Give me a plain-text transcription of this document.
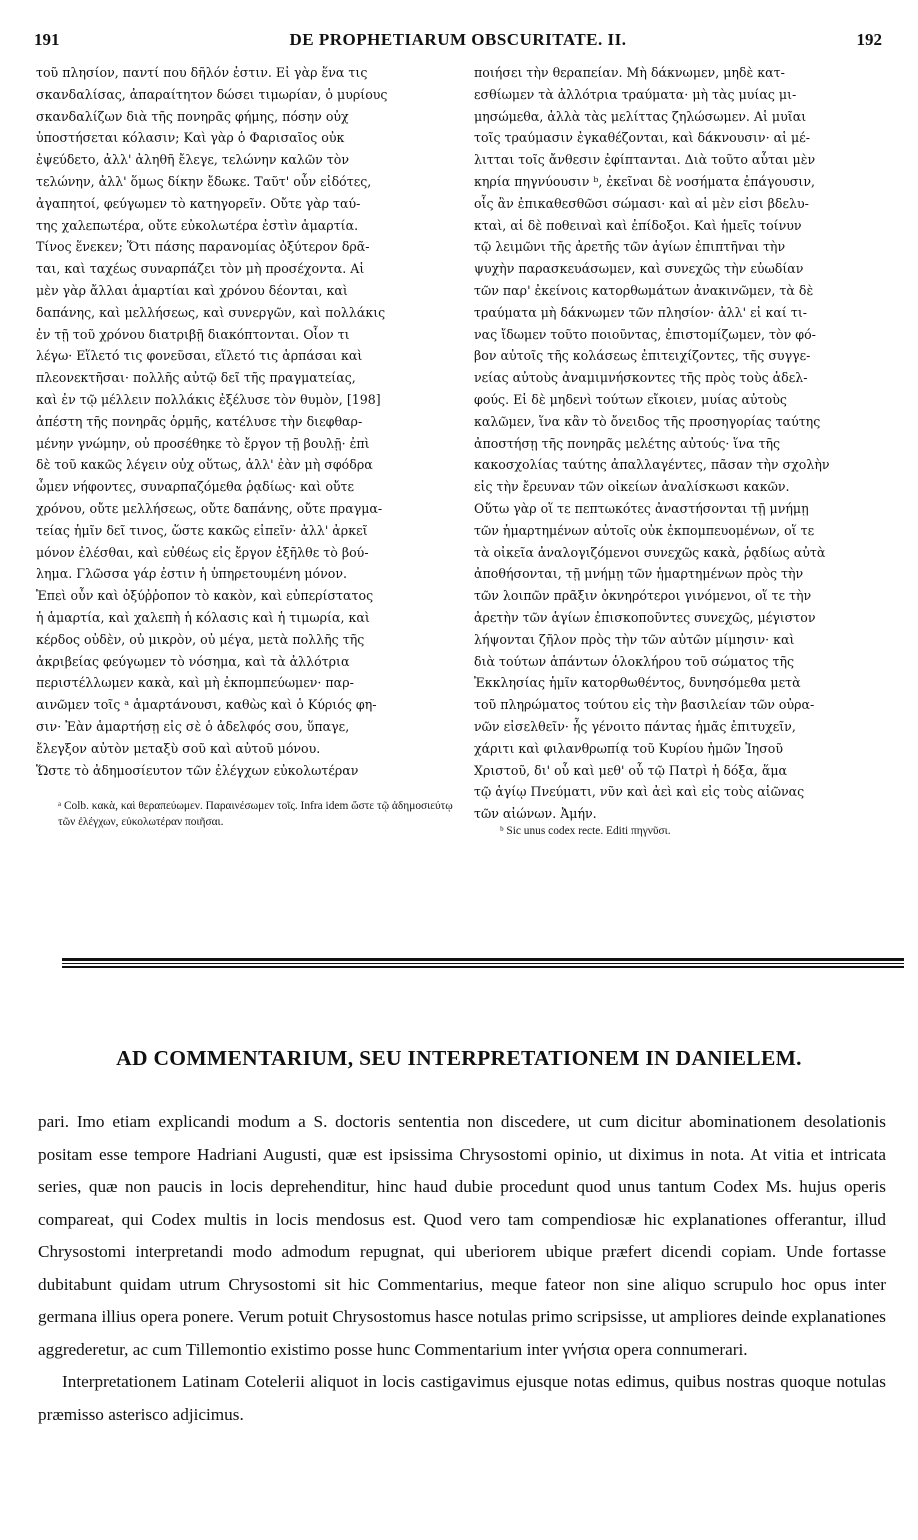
191	DE PROPHETIARUM OBSCURITATE. II.	192
τοῦ πλησίον, παντί που δῆλόν ἐστιν. Εἰ γὰρ ἕνα τις
σκανδαλίσας, ἀπαραίτητον δώσει τιμωρίαν, ὁ μυρίους
σκανδαλίζων διὰ τῆς πονηρᾶς φήμης, πόσην οὐχ
ὑποστήσεται κόλασιν; Καὶ γὰρ ὁ Φαρισαῖος οὐκ
ἐψεύδετο, ἀλλ' ἀληθῆ ἔλεγε, τελώνην καλῶν τὸν
τελώνην, ἀλλ' ὅμως δίκην ἔδωκε. Ταῦτ' οὖν εἰδότες,
ἀγαπητοί, φεύγωμεν τὸ κατηγορεῖν. Οὔτε γὰρ ταύ-
της χαλεπωτέρα, οὔτε εὐκολωτέρα ἐστὶν ἁμαρτία.
Τίνος ἕνεκεν; Ὅτι πάσης παρανομίας ὀξύτερον δρᾶ-
ται, καὶ ταχέως συναρπάζει τὸν μὴ προσέχοντα. Αἱ
μὲν γὰρ ἄλλαι ἁμαρτίαι καὶ χρόνου δέονται, καὶ
δαπάνης, καὶ μελλήσεως, καὶ συνεργῶν, καὶ πολλάκις
ἐν τῇ τοῦ χρόνου διατριβῇ διακόπτονται. Οἷον τι
λέγω· Εἵλετό τις φονεῦσαι, εἵλετό τις ἁρπάσαι καὶ
πλεονεκτῆσαι· πολλῆς αὐτῷ δεῖ τῆς πραγματείας,
καὶ ἐν τῷ μέλλειν πολλάκις ἐξέλυσε τὸν θυμὸν, [198]
ἀπέστη τῆς πονηρᾶς ὁρμῆς, κατέλυσε τὴν διεφθαρ-
μένην γνώμην, οὐ προσέθηκε τὸ ἔργον τῇ βουλῇ· ἐπὶ
δὲ τοῦ κακῶς λέγειν οὐχ οὕτως, ἀλλ' ἐὰν μὴ σφόδρα
ὦμεν νήφοντες, συναρπαζόμεθα ῥᾳδίως· καὶ οὔτε
χρόνου, οὔτε μελλήσεως, οὔτε δαπάνης, οὔτε πραγμα-
τείας ἡμῖν δεῖ τινος, ὥστε κακῶς εἰπεῖν· ἀλλ' ἀρκεῖ
μόνον ἐλέσθαι, καὶ εὐθέως εἰς ἔργον ἐξῆλθε τὸ βού-
λημα. Γλῶσσα γάρ ἐστιν ἡ ὑπηρετουμένη μόνον.
Ἐπεὶ οὖν καὶ ὀξύῤῥοπον τὸ κακὸν, καὶ εὐπερίστατος
ἡ ἁμαρτία, καὶ χαλεπὴ ἡ κόλασις καὶ ἡ τιμωρία, καὶ
κέρδος οὐδὲν, οὐ μικρὸν, οὐ μέγα, μετὰ πολλῆς τῆς
ἀκριβείας φεύγωμεν τὸ νόσημα, καὶ τὰ ἀλλότρια
περιστέλλωμεν κακὰ, καὶ μὴ ἐκπομπεύωμεν· παρ-
αινῶμεν τοῖς ᵃ ἁμαρτάνουσι, καθὼς καὶ ὁ Κύριός φη-
σιν· Ἐὰν ἁμαρτήσῃ εἰς σὲ ὁ ἀδελφός σου, ὕπαγε,
ἔλεγξον αὐτὸν μεταξὺ σοῦ καὶ αὐτοῦ μόνου.
Ὥστε τὸ ἀδημοσίευτον τῶν ἐλέγχων εὐκολωτέραν
ποιήσει τὴν θεραπείαν. Μὴ δάκνωμεν, μηδὲ κατ-
εσθίωμεν τὰ ἀλλότρια τραύματα· μὴ τὰς μυίας μι-
μησώμεθα, ἀλλὰ τὰς μελίττας ζηλώσωμεν. Αἱ μυῖαι
τοῖς τραύμασιν ἐγκαθέζονται, καὶ δάκνουσιν· αἱ μέ-
λιτται τοῖς ἄνθεσιν ἐφίπτανται. Διὰ τοῦτο αὗται μὲν
κηρία πηγνύουσιν ᵇ, ἐκεῖναι δὲ νοσήματα ἐπάγουσιν,
οἷς ἂν ἐπικαθεσθῶσι σώμασι· καὶ αἱ μὲν εἰσι βδελυ-
κταὶ, αἱ δὲ ποθειναὶ καὶ ἐπίδοξοι. Καὶ ἡμεῖς τοίνυν
τῷ λειμῶνι τῆς ἀρετῆς τῶν ἁγίων ἐπιπτῆναι τὴν
ψυχὴν παρασκευάσωμεν, καὶ συνεχῶς τὴν εὐωδίαν
τῶν παρ' ἐκείνοις κατορθωμάτων ἀνακινῶμεν, τὰ δὲ
τραύματα μὴ δάκνωμεν τῶν πλησίον· ἀλλ' εἰ καί τι-
νας ἴδωμεν τοῦτο ποιοῦντας, ἐπιστομίζωμεν, τὸν φό-
βον αὐτοῖς τῆς κολάσεως ἐπιτειχίζοντες, τῆς συγγε-
νείας αὐτοὺς ἀναμιμνήσκοντες τῆς πρὸς τοὺς ἀδελ-
φούς. Εἰ δὲ μηδενὶ τούτων εἴκοιεν, μυίας αὐτοὺς
καλῶμεν, ἵνα κἂν τὸ ὄνειδος τῆς προσηγορίας ταύτης
ἀποστήσῃ τῆς πονηρᾶς μελέτης αὐτούς· ἵνα τῆς
κακοσχολίας ταύτης ἀπαλλαγέντες, πᾶσαν τὴν σχολὴν
εἰς τὴν ἔρευναν τῶν οἰκείων ἀναλίσκωσι κακῶν.
Οὕτω γὰρ οἵ τε πεπτωκότες ἀναστήσονται τῇ μνήμῃ
τῶν ἡμαρτημένων αὐτοῖς οὐκ ἐκπομπευομένων, οἵ τε
τὰ οἰκεῖα ἀναλογιζόμενοι συνεχῶς κακὰ, ῥᾳδίως αὐτὰ
ἀποθήσονται, τῇ μνήμῃ τῶν ἡμαρτημένων πρὸς τὴν
τῶν λοιπῶν πρᾶξιν ὀκνηρότεροι γινόμενοι, οἵ τε τὴν
ἀρετὴν τῶν ἁγίων ἐπισκοποῦντες συνεχῶς, μέγιστον
λήψονται ζῆλον πρὸς τὴν τῶν αὐτῶν μίμησιν· καὶ
διὰ τούτων ἁπάντων ὁλοκλήρου τοῦ σώματος τῆς
Ἐκκλησίας ἡμῖν κατορθωθέντος, δυνησόμεθα μετὰ
τοῦ πληρώματος τούτου εἰς τὴν βασιλείαν τῶν οὐρα-
νῶν εἰσελθεῖν· ἧς γένοιτο πάντας ἡμᾶς ἐπιτυχεῖν,
χάριτι καὶ φιλανθρωπίᾳ τοῦ Κυρίου ἡμῶν Ἰησοῦ
Χριστοῦ, δι' οὗ καὶ μεθ' οὗ τῷ Πατρὶ ἡ δόξα, ἅμα
τῷ ἁγίῳ Πνεύματι, νῦν καὶ ἀεὶ καὶ εἰς τοὺς αἰῶνας
τῶν αἰώνων. Ἀμήν.
ᵃ Colb. κακὰ, καὶ θεραπεύωμεν. Παραινέσωμεν τοῖς. Infra idem ὥστε τῷ ἀδημοσιεύτῳ τῶν ἐλέγχων, εὐκολωτέραν ποιῆσαι.
ᵇ Sic unus codex recte. Editi πηγνῦσι.
AD COMMENTARIUM, SEU INTERPRETATIONEM IN DANIELEM.

pari. Imo etiam explicandi modum a S. doctoris sententia non discedere, ut cum dicitur abominationem desolationis positam esse tempore Hadriani Augusti, quæ est ipsissima Chrysostomi opinio, ut diximus in nota. At vitia et intricata series, quæ non paucis in locis deprehenditur, hinc haud dubie procedunt quod unus tantum Codex Ms. hujus operis compareat, qui Codex multis in locis mendosus est. Quod vero tam compendiosæ hic explanationes offerantur, illud Chrysostomi interpretandi modo admodum repugnat, qui uberiorem ubique præfert dicendi copiam. Unde fortasse dubitabunt quidam utrum Chrysostomi sit hic Commentarius, meque fateor non sine aliquo scrupulo hoc opus inter germana illius opera ponere. Verum potuit Chrysostomus hasce notulas primo scripsisse, ut ampliores deinde explanationes aggrederetur, ac cum Tillemontio existimo posse hunc Commentarium inter γνήσια opera connumerari.

Interpretationem Latinam Cotelerii aliquot in locis castigavimus ejusque notas edimus, quibus nostras quoque notulas præmisso asterisco adjicimus.
